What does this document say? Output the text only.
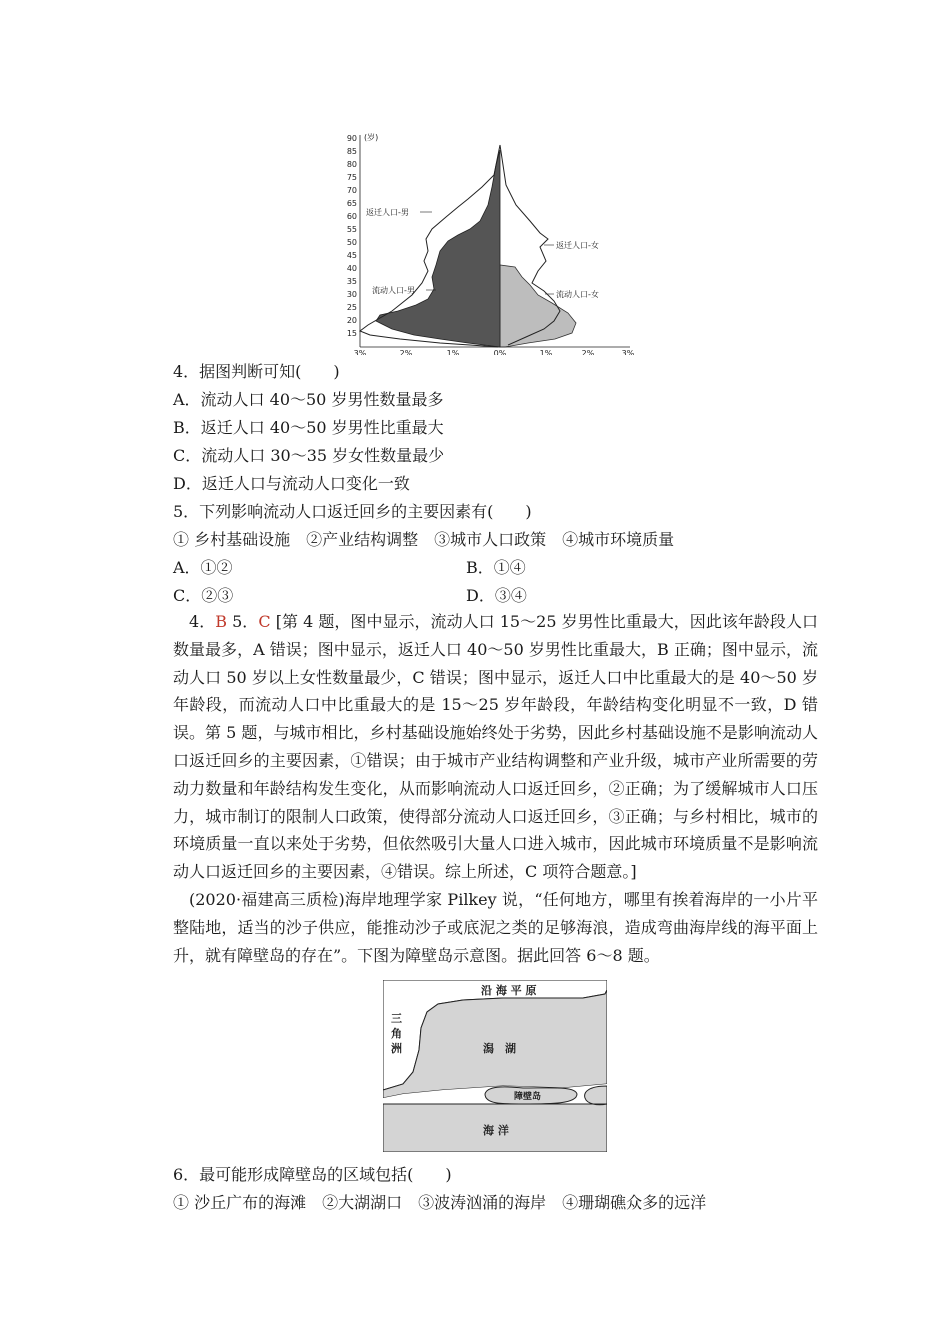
90
85
80
75
70
65
60
55
50
45
40
35
30
25
20
15
(岁)
3%	2%	1%	0%	1%	2%	3%
返迁人口-男
返迁人口-女
流动人口-男	流动人口-女
4．据图判断可知(　　)
A．流动人口 40～50 岁男性数量最多
B．返迁人口 40～50 岁男性比重最大
C．流动人口 30～35 岁女性数量最少
D．返迁人口与流动人口变化一致
5．下列影响流动人口返迁回乡的主要因素有(　　)
① 乡村基础设施　②产业结构调整　③城市人口政策　④城市环境质量
A．①②	B．①④
C．②③	D．③④
4．B 5．C [第 4 题，图中显示，流动人口 15～25 岁男性比重最大，因此该年龄段人口数量最多，A 错误；图中显示，返迁人口 40～50 岁男性比重最大，B 正确；图中显示，流动人口 50 岁以上女性数量最少，C 错误；图中显示，返迁人口中比重最大的是 40～50 岁年龄段，而流动人口中比重最大的是 15～25 岁年龄段，年龄结构变化明显不一致，D 错误。第 5 题，与城市相比，乡村基础设施始终处于劣势，因此乡村基础设施不是影响流动人口返迁回乡的主要因素，①错误；由于城市产业结构调整和产业升级，城市产业所需要的劳动力数量和年龄结构发生变化，从而影响流动人口返迁回乡，②正确；为了缓解城市人口压力，城市制订的限制人口政策，使得部分流动人口返迁回乡，③正确；与乡村相比，城市的环境质量一直以来处于劣势，但依然吸引大量人口进入城市，因此城市环境质量不是影响流动人口返迁回乡的主要因素，④错误。综上所述，C 项符合题意。]
(2020·福建高三质检)海岸地理学家 Pilkey 说，“任何地方，哪里有挨着海岸的一小片平整陆地，适当的沙子供应，能推动沙子或底泥之类的足够海浪，造成弯曲海岸线的海平面上升，就有障壁岛的存在”。下图为障壁岛示意图。据此回答 6～8 题。
沿 海 平 原
三 角 洲	潟　湖
障壁岛
海 洋
6．最可能形成障壁岛的区域包括(　　)
① 沙丘广布的海滩　②大湖湖口　③波涛汹涌的海岸　④珊瑚礁众多的远洋
